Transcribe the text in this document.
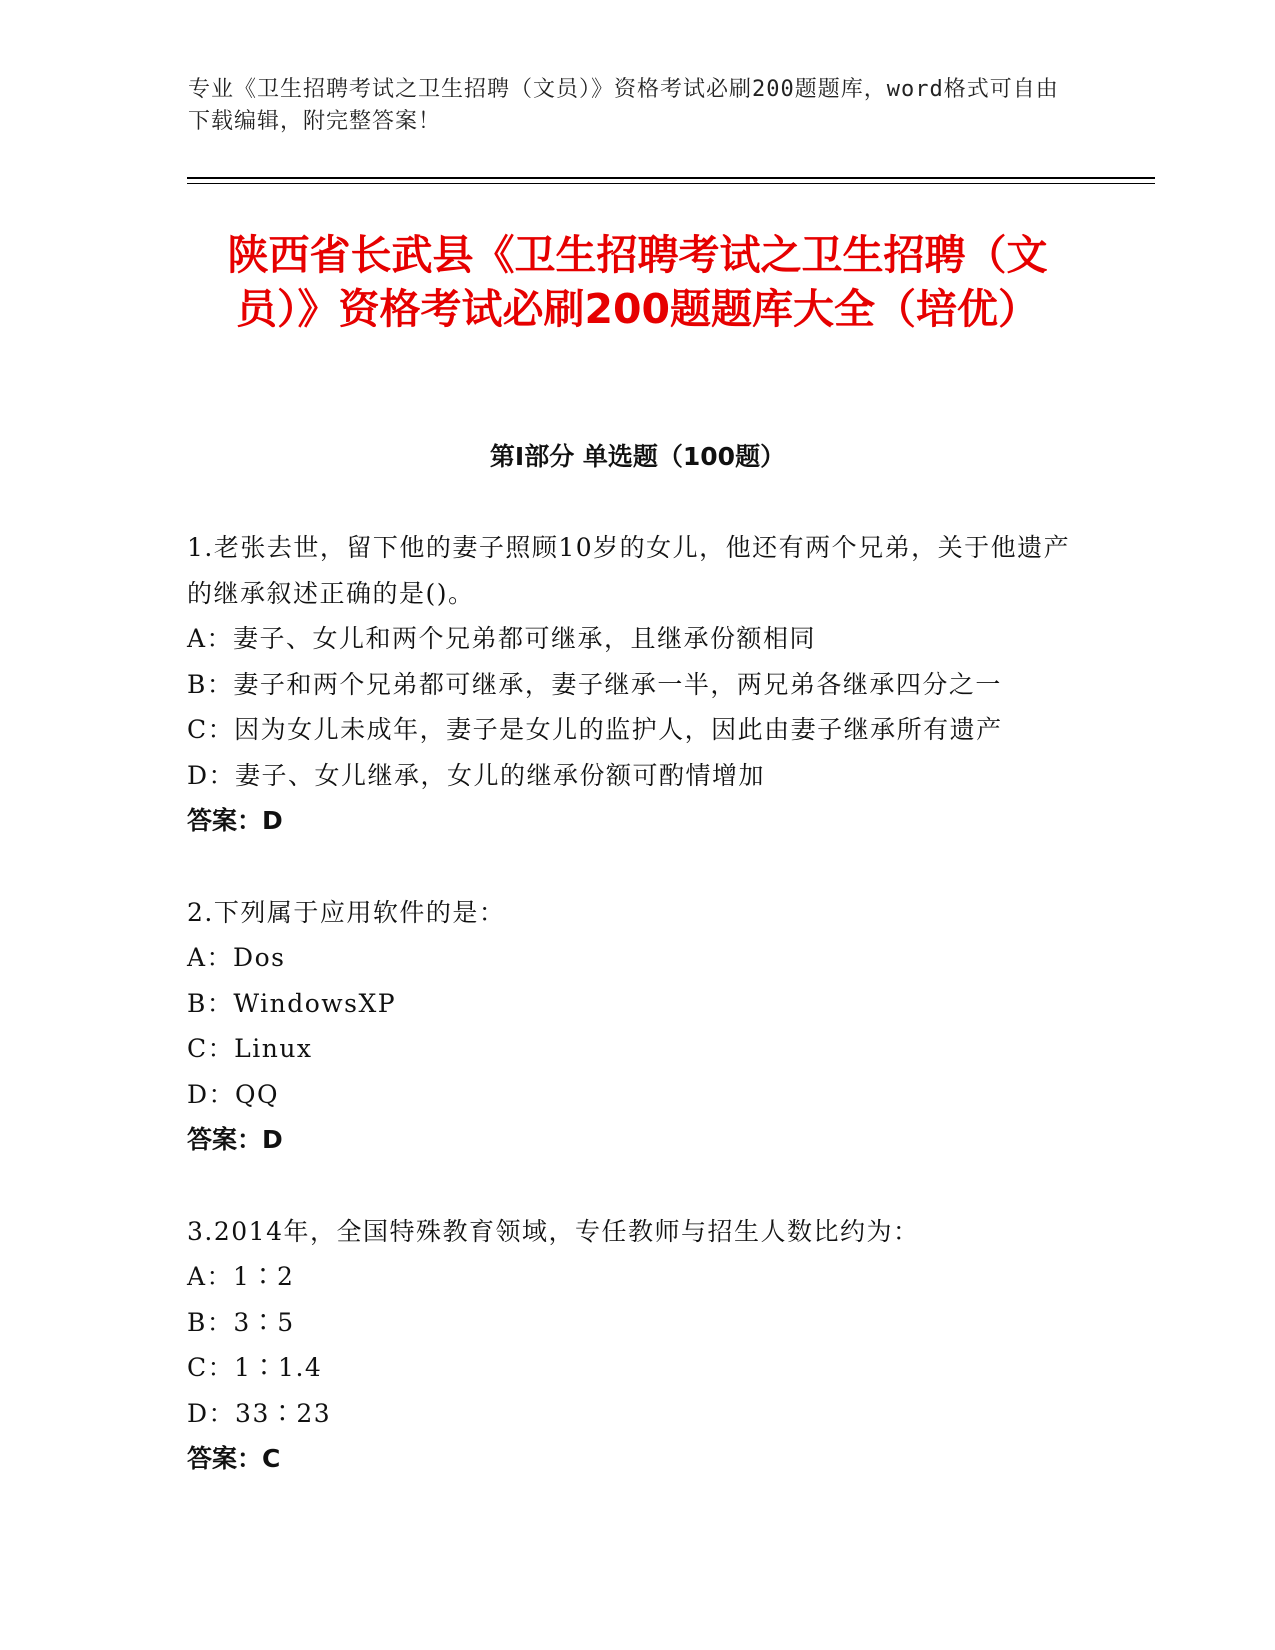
专业《卫生招聘考试之卫生招聘（文员）》资格考试必刷200题题库，word格式可自由下载编辑，附完整答案！
陕西省长武县《卫生招聘考试之卫生招聘（文员）》资格考试必刷200题题库大全（培优）
第I部分 单选题（100题）

1.老张去世，留下他的妻子照顾10岁的女儿，他还有两个兄弟，关于他遗产的继承叙述正确的是()。

A：妻子、女儿和两个兄弟都可继承，且继承份额相同

B：妻子和两个兄弟都可继承，妻子继承一半，两兄弟各继承四分之一

C：因为女儿未成年，妻子是女儿的监护人，因此由妻子继承所有遗产

D：妻子、女儿继承，女儿的继承份额可酌情增加

答案：D

2.下列属于应用软件的是：

A：Dos

B：WindowsXP

C：Linux

D：QQ

答案：D

3.2014年，全国特殊教育领域，专任教师与招生人数比约为：

A：1∶2

B：3∶5

C：1∶1.4

D：33∶23

答案：C
